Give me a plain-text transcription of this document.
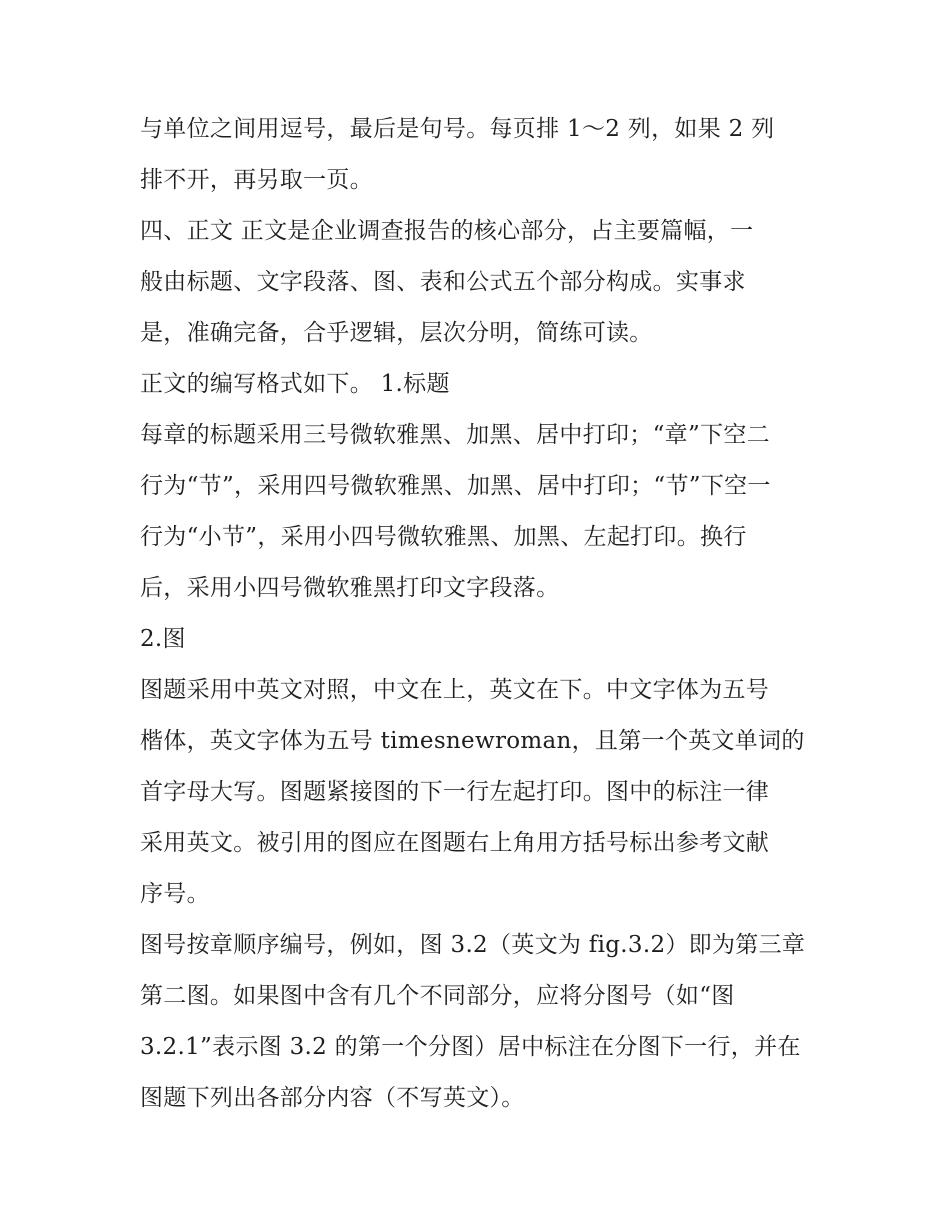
与单位之间用逗号，最后是句号。每页排 1～2 列，如果 2 列
排不开，再另取一页。
四、正文 正文是企业调查报告的核心部分，占主要篇幅，一
般由标题、文字段落、图、表和公式五个部分构成。实事求
是，准确完备，合乎逻辑，层次分明，简练可读。
正文的编写格式如下。 1.标题
每章的标题采用三号微软雅黑、加黑、居中打印；“章”下空二
行为“节”，采用四号微软雅黑、加黑、居中打印；“节”下空一
行为“小节”，采用小四号微软雅黑、加黑、左起打印。换行
后，采用小四号微软雅黑打印文字段落。
2.图
图题采用中英文对照，中文在上，英文在下。中文字体为五号
楷体，英文字体为五号 timesnewroman，且第一个英文单词的
首字母大写。图题紧接图的下一行左起打印。图中的标注一律
采用英文。被引用的图应在图题右上角用方括号标出参考文献
序号。
图号按章顺序编号，例如，图 3.2（英文为 fig.3.2）即为第三章
第二图。如果图中含有几个不同部分，应将分图号（如“图
3.2.1”表示图 3.2 的第一个分图）居中标注在分图下一行，并在
图题下列出各部分内容（不写英文）。
